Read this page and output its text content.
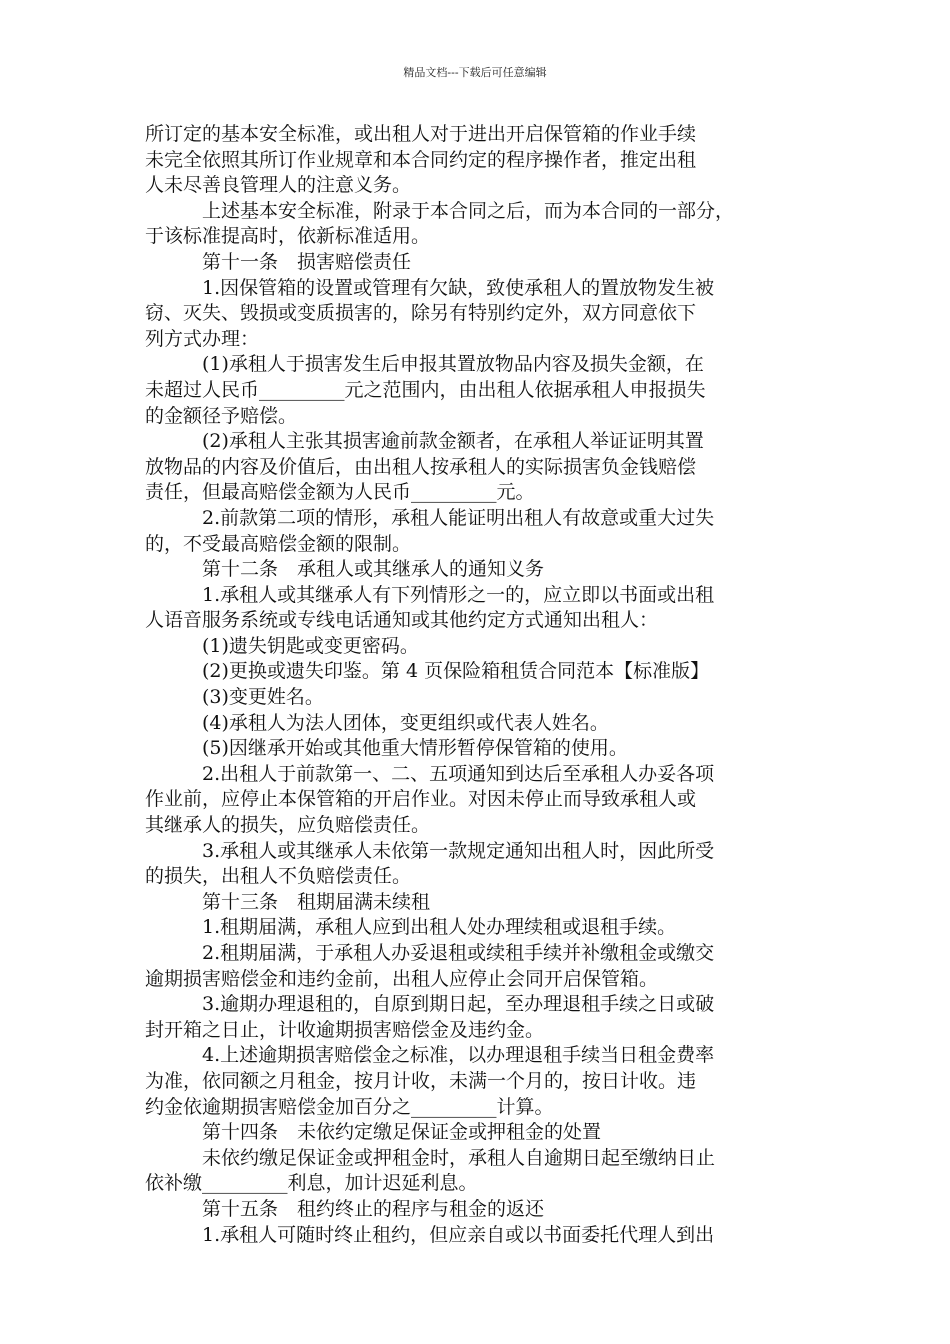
精品文档---下载后可任意编辑
所订定的基本安全标准，或出租人对于进出开启保管箱的作业手续
未完全依照其所订作业规章和本合同约定的程序操作者，推定出租
人未尽善良管理人的注意义务。
上述基本安全标准，附录于本合同之后，而为本合同的一部分，
于该标准提高时，依新标准适用。
第十一条　损害赔偿责任
1.因保管箱的设置或管理有欠缺，致使承租人的置放物发生被
窃、灭失、毁损或变质损害的，除另有特别约定外，双方同意依下
列方式办理：
(1)承租人于损害发生后申报其置放物品内容及损失金额，在
未超过人民币_________元之范围内，由出租人依据承租人申报损失
的金额径予赔偿。
(2)承租人主张其损害逾前款金额者，在承租人举证证明其置
放物品的内容及价值后，由出租人按承租人的实际损害负金钱赔偿
责任，但最高赔偿金额为人民币_________元。
2.前款第二项的情形，承租人能证明出租人有故意或重大过失
的，不受最高赔偿金额的限制。
第十二条　承租人或其继承人的通知义务
1.承租人或其继承人有下列情形之一的，应立即以书面或出租
人语音服务系统或专线电话通知或其他约定方式通知出租人：
(1)遗失钥匙或变更密码。
(2)更换或遗失印鉴。第 4 页保险箱租赁合同范本【标准版】
(3)变更姓名。
(4)承租人为法人团体，变更组织或代表人姓名。
(5)因继承开始或其他重大情形暂停保管箱的使用。
2.出租人于前款第一、二、五项通知到达后至承租人办妥各项
作业前，应停止本保管箱的开启作业。对因未停止而导致承租人或
其继承人的损失，应负赔偿责任。
3.承租人或其继承人未依第一款规定通知出租人时，因此所受
的损失，出租人不负赔偿责任。
第十三条　租期届满未续租
1.租期届满，承租人应到出租人处办理续租或退租手续。
2.租期届满，于承租人办妥退租或续租手续并补缴租金或缴交
逾期损害赔偿金和违约金前，出租人应停止会同开启保管箱。
3.逾期办理退租的，自原到期日起，至办理退租手续之日或破
封开箱之日止，计收逾期损害赔偿金及违约金。
4.上述逾期损害赔偿金之标准，以办理退租手续当日租金费率
为准，依同额之月租金，按月计收，未满一个月的，按日计收。违
约金依逾期损害赔偿金加百分之_________计算。
第十四条　未依约定缴足保证金或押租金的处置
未依约缴足保证金或押租金时，承租人自逾期日起至缴纳日止
依补缴_________利息，加计迟延利息。
第十五条　租约终止的程序与租金的返还
1.承租人可随时终止租约，但应亲自或以书面委托代理人到出
